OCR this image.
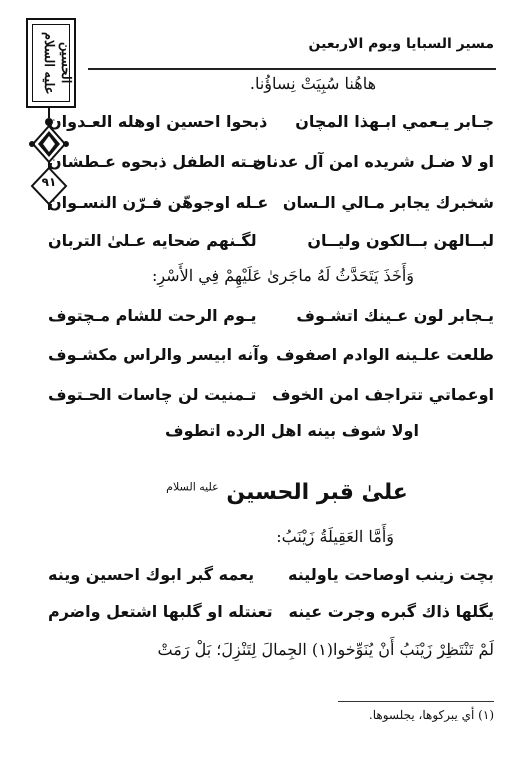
الحسين عليه السلام
٩١
مسير السبايا ويوم الاربعين
هاهُنا سُبِيَتْ نِساؤُنا.
جـابر يـعمي ابـهذا المچان
ذبحوا احسين اوهله العـدوان
او لا ضـل شريده امن آل عدنان
حـته الطفل ذبحوه عـطشان
شخبرك يجابر مـالي الـسان
عـله اوجوهّن فـرّن النسـوان
لبــالهن بــالكون وليــان
لگـنهم ضحايه عـلىٰ التربان
وَأَخَذَ يَتَحَدَّثُ لَهُ ماجَرىٰ عَلَيْهِمْ فِي الأَسْرِ:
يـجابر لون عـينك اتشـوف
يـوم الرحت للشام مـچتوف
طلعت علـينه الوادم اصفوف
وآنه ابيسر والراس مكشـوف
اوعماتي تتراجف امن الخوف
تـمنيت لن چاسات الحـتوف
اولا شوف بينه اهل الرده اتطوف
علىٰ قبر الحسين $^{عليه السلام}$
وَأَمَّا العَقِيلَةُ زَيْنَبُ:
بچت زينب اوصاحت ياولينه
يعمه گبر ابوك احسين وينه
يگلها ذاك گبره وجرت عينه
تعنتله او گلبها اشتعل واضرم
لَمْ تَنْتَظِرْ زَيْنَبُ أَنْ يُنَوِّخوا(١) الجِمالَ لِتَنْزِلَ؛ بَلْ رَمَتْ
(١) أي يبركوها، يجلسوها.
